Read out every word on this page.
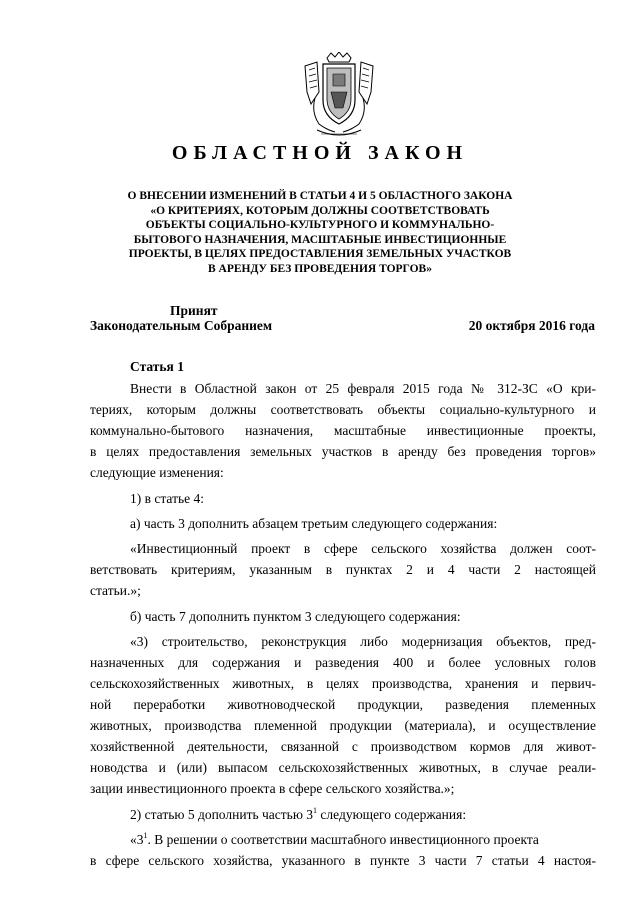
ОБЛАСТНОЙ ЗАКОН
О ВНЕСЕНИИ ИЗМЕНЕНИЙ В СТАТЬИ 4 И 5 ОБЛАСТНОГО ЗАКОНА
«О КРИТЕРИЯХ, КОТОРЫМ ДОЛЖНЫ СООТВЕТСТВОВАТЬ
ОБЪЕКТЫ СОЦИАЛЬНО-КУЛЬТУРНОГО И КОММУНАЛЬНО-
БЫТОВОГО НАЗНАЧЕНИЯ, МАСШТАБНЫЕ ИНВЕСТИЦИОННЫЕ
ПРОЕКТЫ, В ЦЕЛЯХ ПРЕДОСТАВЛЕНИЯ ЗЕМЕЛЬНЫХ УЧАСТКОВ
В АРЕНДУ БЕЗ ПРОВЕДЕНИЯ ТОРГОВ»
Принят
Законодательным Собранием	20 октября 2016 года
Статья 1
Внести в Областной закон от 25 февраля 2015 года № 312-ЗС «О кри-
териях, которым должны соответствовать объекты социально-культурного и
коммунально-бытового назначения, масштабные инвестиционные проекты,
в целях предоставления земельных участков в аренду без проведения торгов»
следующие изменения:
1) в статье 4:
а) часть 3 дополнить абзацем третьим следующего содержания:
«Инвестиционный проект в сфере сельского хозяйства должен соот-
ветствовать критериям, указанным в пунктах 2 и 4 части 2 настоящей
статьи.»;
б) часть 7 дополнить пунктом 3 следующего содержания:
«3) строительство, реконструкция либо модернизация объектов, пред-
назначенных для содержания и разведения 400 и более условных голов
сельскохозяйственных животных, в целях производства, хранения и первич-
ной переработки животноводческой продукции, разведения племенных
животных, производства племенной продукции (материала), и осуществление
хозяйственной деятельности, связанной с производством кормов для живот-
новодства и (или) выпасом сельскохозяйственных животных, в случае реали-
зации инвестиционного проекта в сфере сельского хозяйства.»;
2) статью 5 дополнить частью $3^1$ следующего содержания:
«$3^1$. В решении о соответствии масштабного инвестиционного проекта
в сфере сельского хозяйства, указанного в пункте 3 части 7 статьи 4 настоя-
